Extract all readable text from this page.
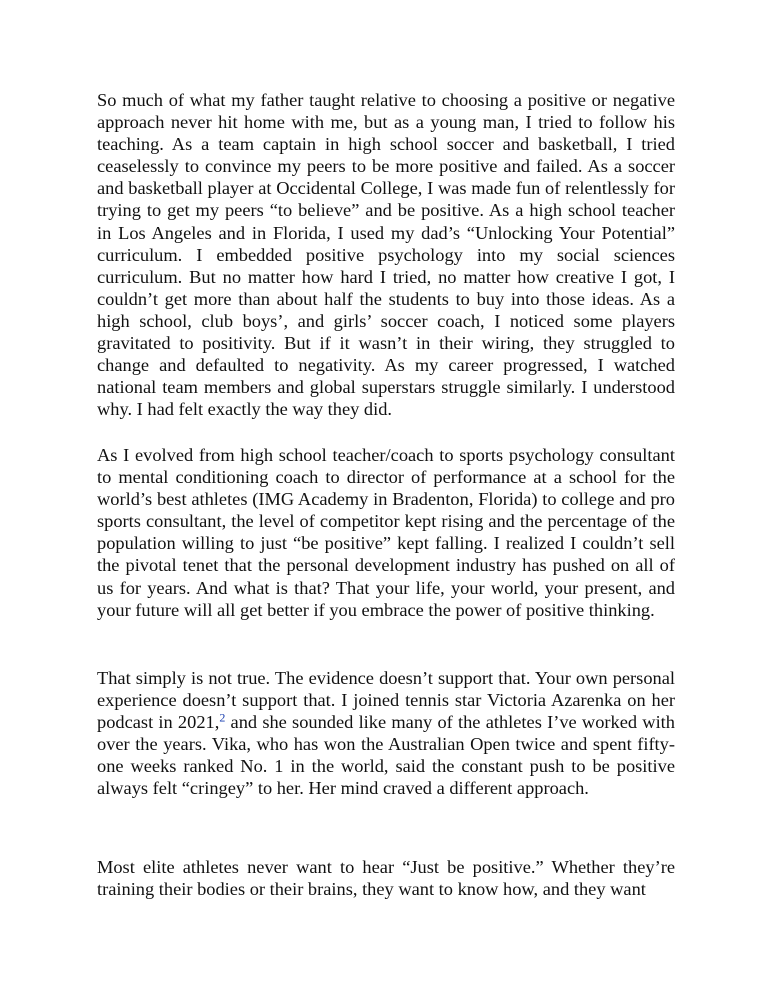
So much of what my father taught relative to choosing a positive or negative approach never hit home with me, but as a young man, I tried to follow his teaching. As a team captain in high school soccer and basketball, I tried ceaselessly to convince my peers to be more positive and failed. As a soccer and basketball player at Occidental College, I was made fun of relentlessly for trying to get my peers “to believe” and be positive. As a high school teacher in Los Angeles and in Florida, I used my dad’s “Unlocking Your Potential” curriculum. I embedded positive psychology into my social sciences curriculum. But no matter how hard I tried, no matter how creative I got, I couldn’t get more than about half the students to buy into those ideas. As a high school, club boys’, and girls’ soccer coach, I noticed some players gravitated to positivity. But if it wasn’t in their wiring, they struggled to change and defaulted to negativity. As my career progressed, I watched national team members and global superstars struggle similarly. I understood why. I had felt exactly the way they did.

As I evolved from high school teacher/coach to sports psychology consultant to mental conditioning coach to director of performance at a school for the world’s best athletes (IMG Academy in Bradenton, Florida) to college and pro sports consultant, the level of competitor kept rising and the percentage of the population willing to just “be positive” kept falling. I realized I couldn’t sell the pivotal tenet that the personal development industry has pushed on all of us for years. And what is that? That your life, your world, your present, and your future will all get better if you embrace the power of positive thinking.

That simply is not true. The evidence doesn’t support that. Your own personal experience doesn’t support that. I joined tennis star Victoria Azarenka on her podcast in 2021,$^2$ and she sounded like many of the athletes I’ve worked with over the years. Vika, who has won the Australian Open twice and spent fifty-one weeks ranked No. 1 in the world, said the constant push to be positive always felt “cringey” to her. Her mind craved a different approach.

Most elite athletes never want to hear “Just be positive.” Whether they’re training their bodies or their brains, they want to know how, and they want
